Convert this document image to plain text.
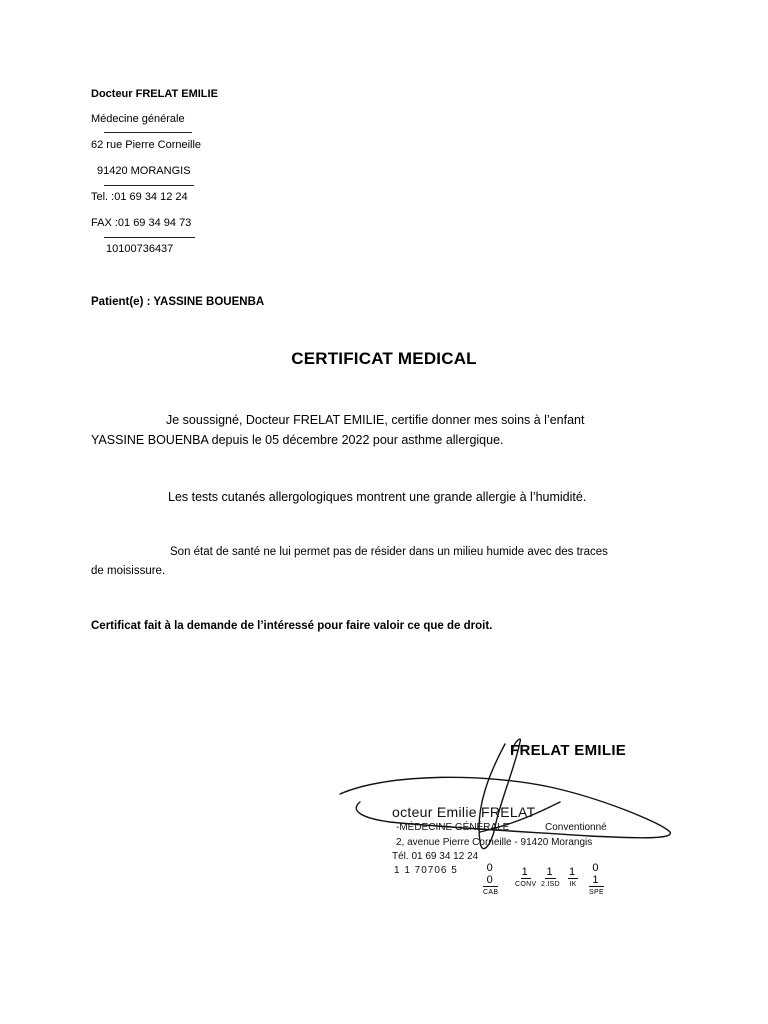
Docteur FRELAT EMILIE
Médecine générale
62 rue Pierre Corneille
91420 MORANGIS
Tel. :01 69 34 12 24
FAX :01 69 34 94 73
10100736437
Patient(e) : YASSINE BOUENBA
CERTIFICAT MEDICAL
Je soussigné, Docteur FRELAT EMILIE, certifie donner mes soins à l’enfant
YASSINE BOUENBA depuis le 05 décembre 2022 pour asthme allergique.
Les tests cutanés allergologiques montrent une grande allergie à l’humidité.
Son état de santé ne lui permet pas de résider dans un milieu humide avec des traces
de moisissure.
Certificat fait à la demande de l’intéressé pour faire valoir ce que de droit.
FRELAT EMILIE
octeur Emilie FRELAT
-MÉDECINE GÉNÉRALE	Conventionné
2, avenue Pierre Corneille - 91420 Morangis
Tél. 01 69 34 12 24
1 1 70706 5	0 0
CAB
1
CONV
1
2.ISD
1
IK
0 1
SPE
